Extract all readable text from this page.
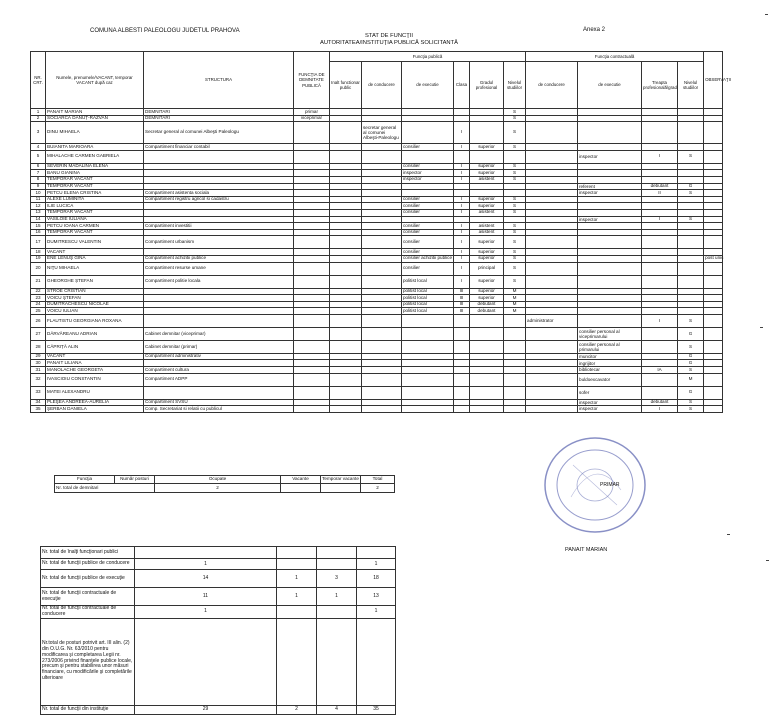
COMUNA ALBESTI PALEOLOGU JUDETUL PRAHOVA	Anexa 2
STAT DE FUNCŢII
AUTORITATEA/INSTITUŢIA PUBLICĂ SOLICITANTĂ
NR. CRT.	Numele, prenumele/VACANT, temporar VACANT după caz	STRUCTURA	FUNCŢIA DE DEMNITATE PUBLICĂ	Funcţia publică						Funcţia contractuală				OBSERVAŢII
				Inalt functionar public	de conducere	de executie	Clasa	Gradul profesional	Nivelul studiilor	de conducere	de executie	Treapta profesională/grad	Nivelul studiilor	
1	PANAIT MARIAN	DEMNITARI	primar						S					
2	SOCIARCĂ DĂNUȚ-RĂZVAN	DEMNITARI	viceprimar						S					
3	DINU MIHAELA	Secretar general al comunei Albeşti Paleologu			secretar general al comunei Albeşti-Paleologu		I		S					
4	BUIANITA MARIOARA	Compartiment financiar contabil				consilier	I	superior	S					
5	MIHALACHE CARMEN GABRIELA										inspector	I	S	
6	SEVERIN MADALINA ELENA					consilier	I	superior	S					
7	BANU GIANINA					inspector	I	superior	S					
8	TEMPORAR VACANT					inspector	I	asistent	S					
9	TEMPORAR VACANT										referent	debutant	G	
10	PETCU ELENA CRISTINA	Compartiment asistenta sociala									inspector	II	S	
11	ALEXE LUMINITA	Compartiment registru agricol si cadastru				consilier	I	superior	S					
12	ILIE LUCICA					consilier	I	superior	S					
13	TEMPORAR VACANT					consilier	I	asistent	S					
14	VASILOIE IULIANA										inspector	I	S	
15	PETCU IOANA CARMEN	Compartiment investitii				consilier	I	asistent	S					
16	TEMPORAR VACANT					consilier	I	asistent	S					
17	DUMITRESCU VALENTIN	Compartiment urbanism				consilier	I	superior	S					
18	VACANT					consilier	I	superior	S					
19	ENE LENUŞ GINA	Compartiment achizitii publice				consilier achizitii publice	I	superior	S					post unic
20	NIŢU MIHAELA	Compartiment resurse umane				consilier	I	principal	S					
21	GHEORGHE ȘTEFAN	Compartiment politie locala				politist local	I	superior	S					
22	STROE CRISTIAN					politist local	III	superior	M					
23	VOICU ŞTEFAN					politist local	III	superior	M					
24	DUMITRACHESCU NICOLAE					politist local	III	debutant	M					
25	VOICU IULIAN					politist local	III	debutant	M					
26	FLAUTISTU GEORGIANA ROXANA									administrator		I	S	
27	DĂRVĂREANU ADRIAN	Cabinet demnitar (viceprimar)									consilier personal al viceprimarului		G	
28	CĂPRIȚĂ ALIN	Cabinet demnitar (primar)									consilier personal al primarului		S	
29	VACANT	Compartiment administrativ									muncitor		G	
30	PANAIT LILIANA										ingrijitor		G	
31	MANOLACHE GEORGETA	Compartiment cultura									bibliotecar	IA	S	
32	IVASCIOIU CONSTANTIN	Compartiment ADPP									buldoexcavator		M	
33	MATEI ALEXANDRU										sofer		G	
34	PLEŞEA ANDREEA-AURELIA	Compartiment SVSU									inspector	debutant	S	
35	ŞERBAN DANIELA	Comp. Secretariat si relatii cu publicul									inspector	I	S	
Funcţia	Număr posturi	Ocupate	Vacante	Temporar vacante	Total
Nr. total de demnitari		2			2
Nr. total de înalţi funcţionari publici				
Nr. total de funcţii publice de conducere	1			1
Nr. total de funcţii publice de execuţie	14	1	3	18
Nr. total de funcţii contractuale de execuţie	11	1	1	13
Nr. total de funcţii contractuale de conducere	1			1
Nr.total de posturi potrivit art. III alin. (2) din O.U.G. Nr. 63/2010 pentru modificarea şi completarea Legii nr. 273/2006 privind finanţele publice locale, precum şi pentru stabilirea unor măsuri financiare, cu modificările şi completările ulterioare				
Nr. total de funcţii din instituţie	29	2	4	35
PRIMAR
PANAIT MARIAN
